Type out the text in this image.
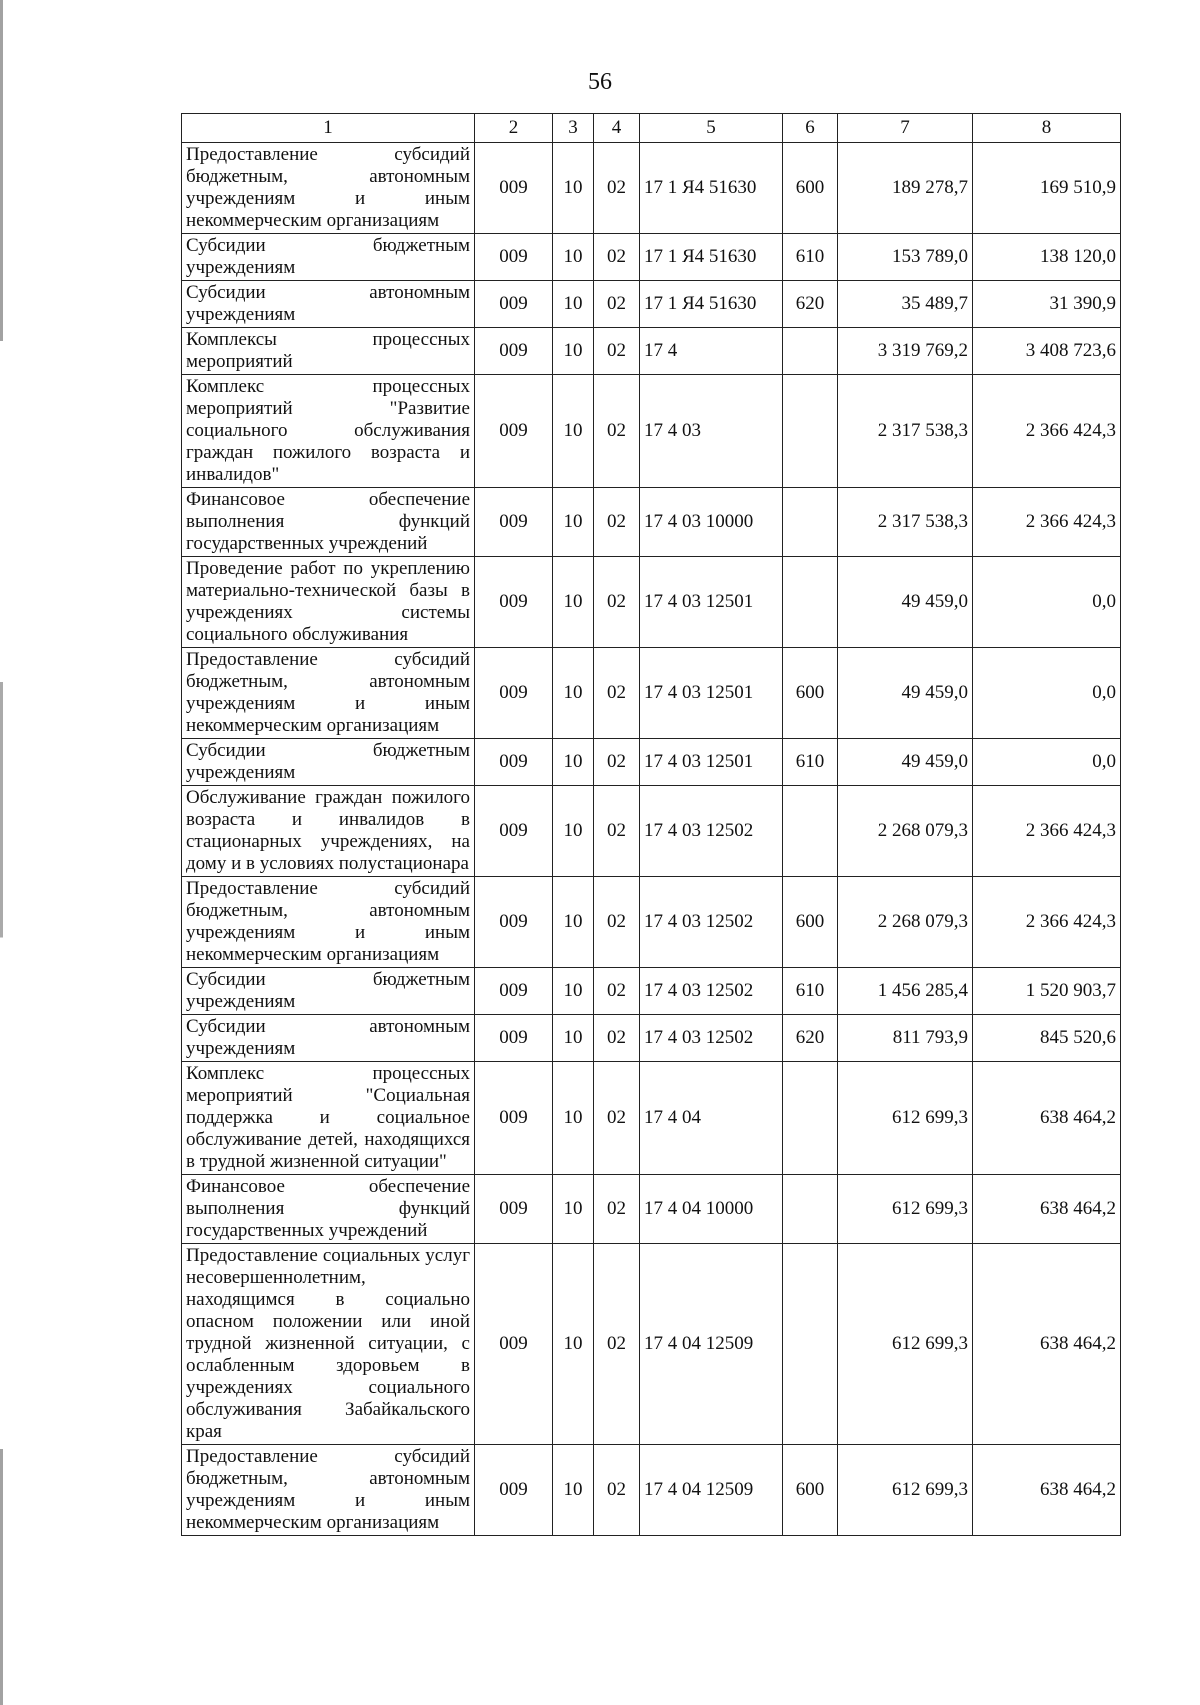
56
1	2	3	4	5	6	7	8
Предоставление субсидий бюджетным, автономным учреждениям и иным некоммерческим организациям	009	10	02	17 1 Я4 51630	600	189 278,7	169 510,9
Субсидии бюджетным учреждениям	009	10	02	17 1 Я4 51630	610	153 789,0	138 120,0
Субсидии автономным учреждениям	009	10	02	17 1 Я4 51630	620	35 489,7	31 390,9
Комплексы процессных мероприятий	009	10	02	17 4		3 319 769,2	3 408 723,6
Комплекс процессных мероприятий "Развитие социального обслуживания граждан пожилого возраста и инвалидов"	009	10	02	17 4 03		2 317 538,3	2 366 424,3
Финансовое обеспечение выполнения функций государственных учреждений	009	10	02	17 4 03 10000		2 317 538,3	2 366 424,3
Проведение работ по укреплению материально-технической базы в учреждениях системы социального обслуживания	009	10	02	17 4 03 12501		49 459,0	0,0
Предоставление субсидий бюджетным, автономным учреждениям и иным некоммерческим организациям	009	10	02	17 4 03 12501	600	49 459,0	0,0
Субсидии бюджетным учреждениям	009	10	02	17 4 03 12501	610	49 459,0	0,0
Обслуживание граждан пожилого возраста и инвалидов в стационарных учреждениях, на дому и в условиях полустационара	009	10	02	17 4 03 12502		2 268 079,3	2 366 424,3
Предоставление субсидий бюджетным, автономным учреждениям и иным некоммерческим организациям	009	10	02	17 4 03 12502	600	2 268 079,3	2 366 424,3
Субсидии бюджетным учреждениям	009	10	02	17 4 03 12502	610	1 456 285,4	1 520 903,7
Субсидии автономным учреждениям	009	10	02	17 4 03 12502	620	811 793,9	845 520,6
Комплекс процессных мероприятий "Социальная поддержка и социальное обслуживание детей, находящихся в трудной жизненной ситуации"	009	10	02	17 4 04		612 699,3	638 464,2
Финансовое обеспечение выполнения функций государственных учреждений	009	10	02	17 4 04 10000		612 699,3	638 464,2
Предоставление социальных услуг несовершеннолетним, находящимся в социально опасном положении или иной трудной жизненной ситуации, с ослабленным здоровьем в учреждениях социального обслуживания Забайкальского края	009	10	02	17 4 04 12509		612 699,3	638 464,2
Предоставление субсидий бюджетным, автономным учреждениям и иным некоммерческим организациям	009	10	02	17 4 04 12509	600	612 699,3	638 464,2
